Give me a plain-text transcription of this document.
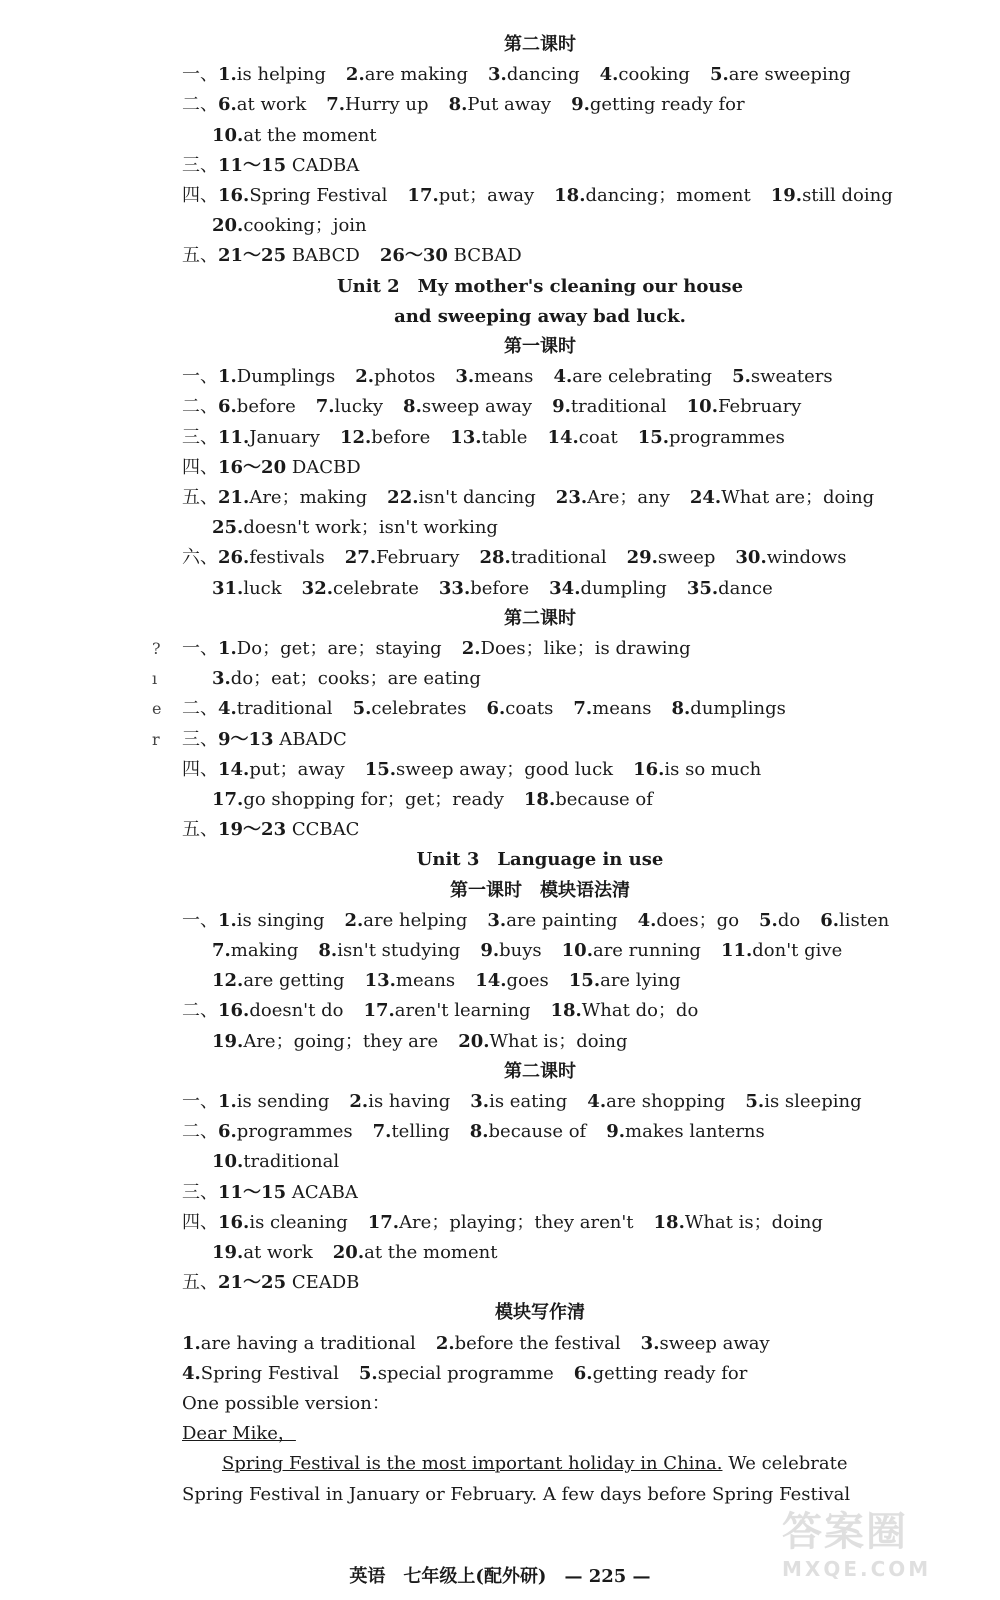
第二课时
一、1.is helping 2.are making 3.dancing 4.cooking 5.are sweeping
二、6.at work 7.Hurry up 8.Put away 9.getting ready for
10.at the moment
三、11～15 CADBA
四、16.Spring Festival 17.put；away 18.dancing；moment 19.still doing
20.cooking；join
五、21～25 BABCD 26～30 BCBAD
Unit 2　My mother's cleaning our house
and sweeping away bad luck.
第一课时
一、1.Dumplings 2.photos 3.means 4.are celebrating 5.sweaters
二、6.before 7.lucky 8.sweep away 9.traditional 10.February
三、11.January 12.before 13.table 14.coat 15.programmes
四、16～20 DACBD
五、21.Are；making 22.isn't dancing 23.Are；any 24.What are；doing
25.doesn't work；isn't working
六、26.festivals 27.February 28.traditional 29.sweep 30.windows
31.luck 32.celebrate 33.before 34.dumpling 35.dance
第二课时
一、1.Do；get；are；staying 2.Does；like；is drawing
?
3.do；eat；cooks；are eating
ı
二、4.traditional 5.celebrates 6.coats 7.means 8.dumplings
e
三、9～13 ABADC
r
四、14.put；away 15.sweep away；good luck 16.is so much
17.go shopping for；get；ready 18.because of
五、19～23 CCBAC
Unit 3　Language in use
第一课时　模块语法清
一、1.is singing 2.are helping 3.are painting 4.does；go 5.do 6.listen
7.making 8.isn't studying 9.buys 10.are running 11.don't give
12.are getting 13.means 14.goes 15.are lying
二、16.doesn't do 17.aren't learning 18.What do；do
19.Are；going；they are 20.What is；doing
第二课时
一、1.is sending 2.is having 3.is eating 4.are shopping 5.is sleeping
二、6.programmes 7.telling 8.because of 9.makes lanterns
10.traditional
三、11～15 ACABA
四、16.is cleaning 17.Are；playing；they aren't 18.What is；doing
19.at work 20.at the moment
五、21～25 CEADB
模块写作清
1.are having a traditional 2.before the festival 3.sweep away
4.Spring Festival 5.special programme 6.getting ready for
One possible version：
Dear Mike，
Spring Festival is the most important holiday in China. We celebrate
Spring Festival in January or February. A few days before Spring Festival
英语　七年级上(配外研)　— 225 —
答案圈
MXQE.COM
